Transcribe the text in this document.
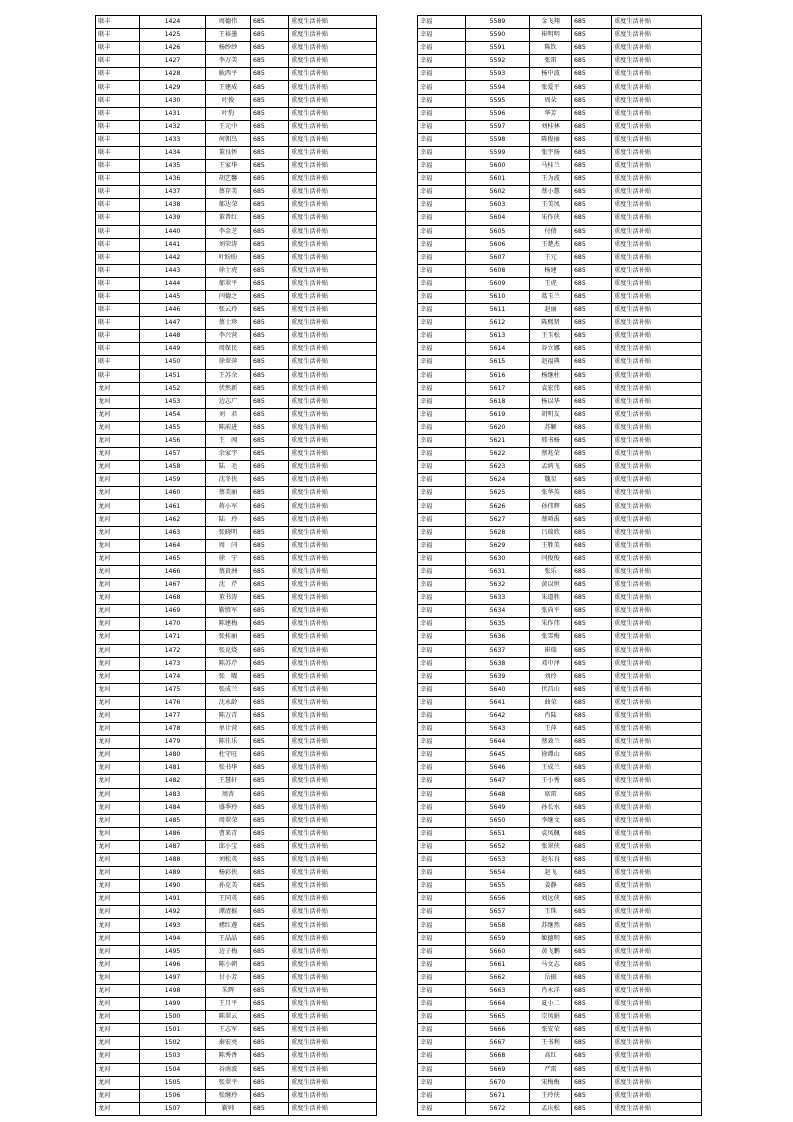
联丰	1424	周德伟	685	重度生活补贴
联丰	1425	王裕墨	685	重度生活补贴
联丰	1426	杨纱纱	685	重度生活补贴
联丰	1427	李万美	685	重度生活补贴
联丰	1428	耿西平	685	重度生活补贴
联丰	1429	王建成	685	重度生活补贴
联丰	1430	叶俊	685	重度生活补贴
联丰	1431	叶豹	685	重度生活补贴
联丰	1432	王元中	685	重度生活补贴
联丰	1433	何佣鸟	685	重度生活补贴
联丰	1434	董良怀	685	重度生活补贴
联丰	1435	王家华	685	重度生活补贴
联丰	1436	胡艺馨	685	重度生活补贴
联丰	1437	蔡存美	685	重度生活补贴
联丰	1438	郁达荣	685	重度生活补贴
联丰	1439	董普红	685	重度生活补贴
联丰	1440	李金芝	685	重度生活补贴
联丰	1441	刘荣涛	685	重度生活补贴
联丰	1442	叶盼盼	685	重度生活补贴
联丰	1443	徐士虎	685	重度生活补贴
联丰	1444	郁翠平	685	重度生活补贴
联丰	1445	闫德之	685	重度生活补贴
联丰	1446	张云玲	685	重度生活补贴
联丰	1447	蔡士珍	685	重度生活补贴
联丰	1448	李兴营	685	重度生活补贴
联丰	1449	周保民	685	重度生活补贴
联丰	1450	徐翠萍	685	重度生活补贴
联丰	1451	王苏余	685	重度生活补贴
龙河	1452	伏然新	685	重度生活补贴
龙河	1453	边志广	685	重度生活补贴
龙河	1454	刘　君	685	重度生活补贴
龙河	1455	陈前进	685	重度生活补贴
龙河	1456	王　闯	685	重度生活补贴
龙河	1457	余家宇	685	重度生活补贴
龙河	1458	陆　毛	685	重度生活补贴
龙河	1459	沈冬侠	685	重度生活补贴
龙河	1460	蔡美丽	685	重度生活补贴
龙河	1461	蒋小军	685	重度生活补贴
龙河	1462	陆　玲	685	重度生活补贴
龙河	1463	张晓明	685	重度生活补贴
龙河	1464	周　闫	685	重度生活补贴
龙河	1465	徐　宁	685	重度生活补贴
龙河	1466	蔡贵洲	685	重度生活补贴
龙河	1467	沈　芹	685	重度生活补贴
龙河	1468	董书涛	685	重度生活补贴
龙河	1469	靳胜军	685	重度生活补贴
龙河	1470	陈建梅	685	重度生活补贴
龙河	1471	张桂丽	685	重度生活补贴
龙河	1472	张克烧	685	重度生活补贴
龙河	1473	陈苏芹	685	重度生活补贴
龙河	1474	张　曜	685	重度生活补贴
龙河	1475	张成兰	685	重度生活补贴
龙河	1476	沈永龄	685	重度生活补贴
龙河	1477	陈万青	685	重度生活补贴
龙河	1478	单计营	685	重度生活补贴
龙河	1479	陈佳乐	685	重度生活补贴
龙河	1480	杜守旺	685	重度生活补贴
龙河	1481	张书华	685	重度生活补贴
龙河	1482	王慧轩	685	重度生活补贴
龙河	1483	周杏	685	重度生活补贴
龙河	1484	盛季玲	685	重度生活补贴
龙河	1485	周翠荣	685	重度生活补贴
龙河	1486	曹来青	685	重度生活补贴
龙河	1487	邱小宝	685	重度生活补贴
龙河	1488	刘松英	685	重度生活补贴
龙河	1489	杨彩侠	685	重度生活补贴
龙河	1490	孙克美	685	重度生活补贴
龙河	1491	王同英	685	重度生活补贴
龙河	1492	谭清猴	685	重度生活补贴
龙河	1493	褚红莲	685	重度生活补贴
龙河	1494	王晶晶	685	重度生活补贴
龙河	1495	边子梅	685	重度生活补贴
龙河	1496	陈小朝	685	重度生活补贴
龙河	1497	甘小芳	685	重度生活补贴
龙河	1498	朱辉	685	重度生活补贴
龙河	1499	王月平	685	重度生活补贴
龙河	1500	陈翠云	685	重度生活补贴
龙河	1501	王志军	685	重度生活补贴
龙河	1502	秦宏亮	685	重度生活补贴
龙河	1503	陈秀香	685	重度生活补贴
龙河	1504	谷南波	685	重度生活补贴
龙河	1505	张翠平	685	重度生活补贴
龙河	1506	张继玲	685	重度生活补贴
龙河	1507	靳帅	685	重度生活补贴
幸福	5589	金飞翔	685	重度生活补贴
幸福	5590	崔明明	685	重度生活补贴
幸福	5591	陈钦	685	重度生活补贴
幸福	5592	张雷	685	重度生活补贴
幸福	5593	杨中波	685	重度生活补贴
幸福	5594	张爱平	685	重度生活补贴
幸福	5595	周朵	685	重度生活补贴
幸福	5596	华芳	685	重度生活补贴
幸福	5597	刘桂林	685	重度生活补贴
幸福	5598	陈俊丽	685	重度生活补贴
幸福	5599	张宇扬	685	重度生活补贴
幸福	5600	马桂兰	685	重度生活补贴
幸福	5601	王为波	685	重度生活补贴
幸福	5602	蔡小慧	685	重度生活补贴
幸福	5603	王美凤	685	重度生活补贴
幸福	5604	朱作侠	685	重度生活补贴
幸福	5605	付倩	685	重度生活补贴
幸福	5606	王楚杰	685	重度生活补贴
幸福	5607	王元	685	重度生活补贴
幸福	5608	杨建	685	重度生活补贴
幸福	5609	王虎	685	重度生活补贴
幸福	5610	葛玉兰	685	重度生活补贴
幸福	5611	赵丽	685	重度生活补贴
幸福	5612	陈熙贤	685	重度生活补贴
幸福	5613	王玉松	685	重度生活补贴
幸福	5614	谷立娜	685	重度生活补贴
幸福	5615	赵福典	685	重度生活补贴
幸福	5616	杨继柱	685	重度生活补贴
幸福	5617	袁宏伟	685	重度生活补贴
幸福	5618	杨以华	685	重度生活补贴
幸福	5619	胡明友	685	重度生活补贴
幸福	5620	苏颖	685	重度生活补贴
幸福	5621	邢书杨	685	重度生活补贴
幸福	5622	蔡兆荣	685	重度生活补贴
幸福	5623	孟鸿飞	685	重度生活补贴
幸福	5624	魏星	685	重度生活补贴
幸福	5625	张华英	685	重度生活补贴
幸福	5626	孙伟辉	685	重度生活补贴
幸福	5627	蔡舜禹	685	重度生活补贴
幸福	5628	吕瑞欣	685	重度生活补贴
幸福	5629	王胜美	685	重度生活补贴
幸福	5630	闫俊俊	685	重度生活补贴
幸福	5631	张乐	685	重度生活补贴
幸福	5632	黄以恒	685	重度生活补贴
幸福	5633	朱道胜	685	重度生活补贴
幸福	5634	张尚平	685	重度生活补贴
幸福	5635	朱作伟	685	重度生活补贴
幸福	5636	张雪梅	685	重度生活补贴
幸福	5637	崔瑞	685	重度生活补贴
幸福	5638	邓中泽	685	重度生活补贴
幸福	5639	刘玲	685	重度生活补贴
幸福	5640	伏昌山	685	重度生活补贴
幸福	5641	曲荣	685	重度生活补贴
幸福	5642	肖陆	685	重度生活补贴
幸福	5643	王萍	685	重度生活补贴
幸福	5644	蔡效兰	685	重度生活补贴
幸福	5645	徐谭山	685	重度生活补贴
幸福	5646	王成兰	685	重度生活补贴
幸福	5647	王小秀	685	重度生活补贴
幸福	5648	席雷	685	重度生活补贴
幸福	5649	孙长水	685	重度生活补贴
幸福	5650	李继文	685	重度生活补贴
幸福	5651	袁凤佩	685	重度生活补贴
幸福	5652	张翠侠	685	重度生活补贴
幸福	5653	赵东良	685	重度生活补贴
幸福	5654	赵飞	685	重度生活补贴
幸福	5655	姜静	685	重度生活补贴
幸福	5656	刘远侠	685	重度生活补贴
幸福	5657	王珠	685	重度生活补贴
幸福	5658	苏继然	685	重度生活补贴
幸福	5659	姬德明	685	重度生活补贴
幸福	5660	黄飞鹏	685	重度生活补贴
幸福	5661	马文志	685	重度生活补贴
幸福	5662	岳振	685	重度生活补贴
幸福	5663	肖永洋	685	重度生活补贴
幸福	5664	夏小二	685	重度生活补贴
幸福	5665	宗凤娟	685	重度生活补贴
幸福	5666	张安荣	685	重度生活补贴
幸福	5667	王书利	685	重度生活补贴
幸福	5668	高红	685	重度生活补贴
幸福	5669	严雷	685	重度生活补贴
幸福	5670	宋梅梅	685	重度生活补贴
幸福	5671	王玲侠	685	重度生活补贴
幸福	5672	孟庆松	685	重度生活补贴
